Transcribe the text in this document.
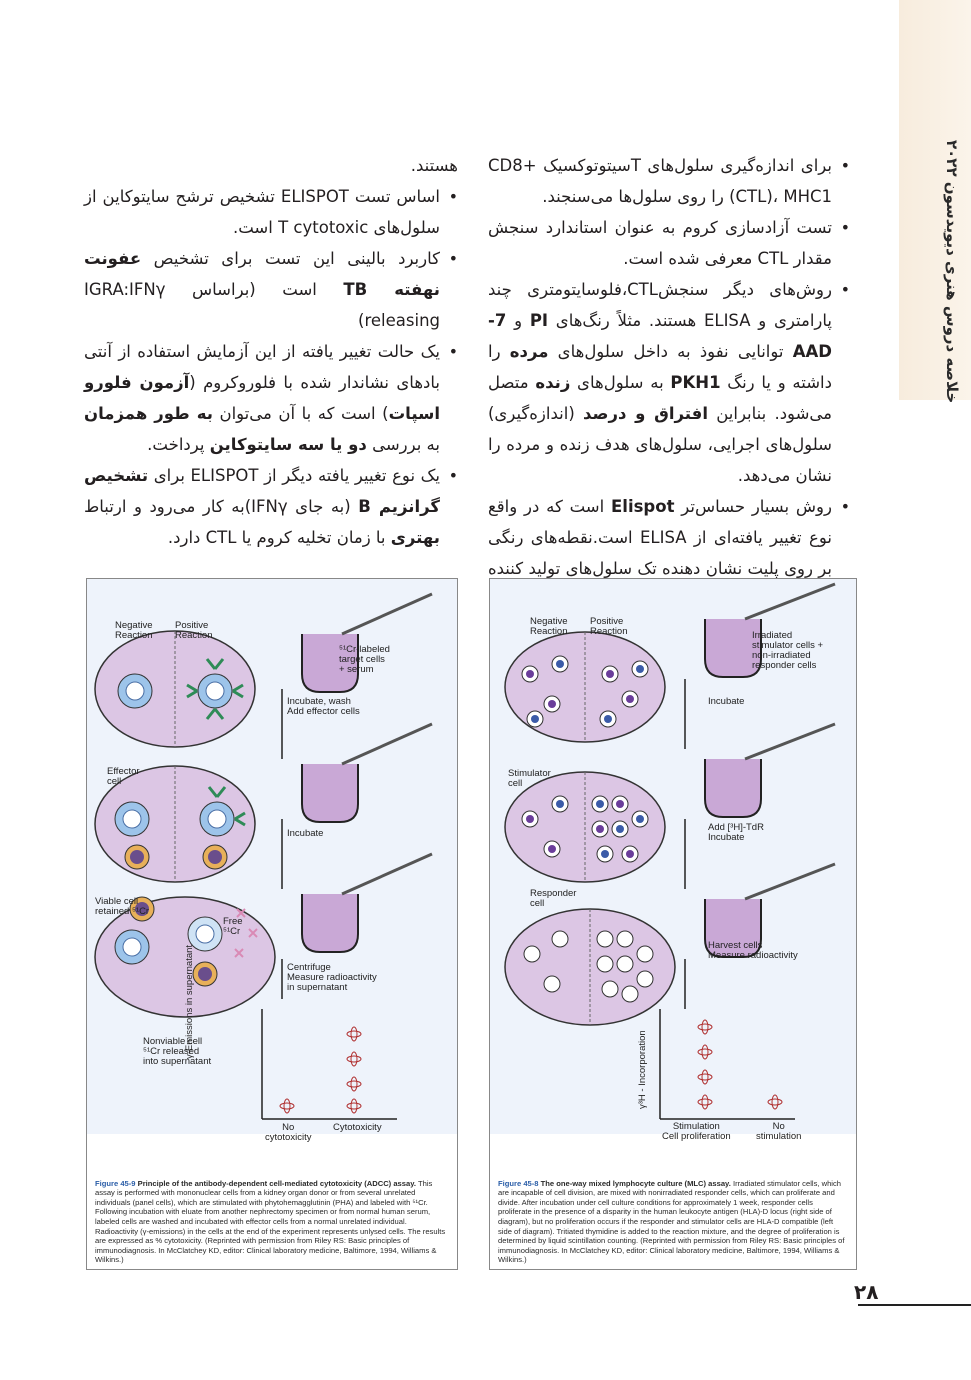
خلاصه دروس هنری دیویدسون ۲۰۲۲
• برای اندازه‌گیری سلول‌های Tسیتوتوکسیک +CD8 (CTL)، MHC1 را روی سلول‌ها می‌سنجند.
• تست آزادسازی کروم به عنوان استاندارد سنجش مقدار CTL معرفی شده است.
• روش‌های دیگر سنجشCTL،فلوسایتومتری چند پارامتری و ELISA هستند. مثلاً رنگ‌های PI و 7-AAD توانایی نفوذ به داخل سلول‌های مرده را داشته و یا رنگ PKH1 به سلول‌های زنده متصل می‌شود. بنابراین افتراق و درصد (اندازه‌گیری) سلول‌های اجرایی، سلول‌های هدف زنده و مرده را نشان می‌دهد.
• روش بسیار حساس‌تر Elispot است که در واقع نوع تغییر یافته‌ای از ELISA است.نقطه‌های رنگی بر روی پلیت نشان دهنده تک سلول‌های تولید کننده
هستند.
• اساس تست ELISPOT تشخیص ترشح سایتوکاین از سلول‌های T cytotoxic است.
• کاربرد بالینی این تست برای تشخیص عفونت نهفته TB است (براساس IGRA:IFNγ releasing)
• یک حالت تغییر یافته از این آزمایش استفاده از آنتی بادهای نشاندار شده با فلوروکروم (آزمون فلورو اسپات) است که با آن می‌توان به طور همزمان به بررسی دو یا سه سایتوکاین پرداخت.
• یک نوع تغییر یافته دیگر از ELISPOT برای تشخیص گرانزیم B (به جای IFNγ)به کار می‌رود و ارتباط بهتری با زمان تخلیه کروم یا CTL دارد.
Negative
Reaction
Positive
Reaction
⁵¹Cr-labeled
target cells
+ serum
Incubate, wash
Add effector cells
Effector
cell
Incubate
Viable cell
retained ⁵¹Cr
Free
⁵¹Cr
Centrifuge
Measure radioactivity
in supernatant
Nonviable cell
⁵¹Cr released
into supernatant
γ-Emissions in supernatant
No
cytotoxicity
Cytotoxicity
Figure 45-9 Principle of the antibody-dependent cell-mediated cytotoxicity (ADCC) assay. This assay is performed with mononuclear cells from a kidney organ donor or from several unrelated individuals (panel cells), which are stimulated with phytohemagglutinin (PHA) and labeled with ⁵¹Cr. Following incubation with eluate from another nephrectomy specimen or from normal human serum, labeled cells are washed and incubated with effector cells from a normal unrelated individual. Radioactivity (γ-emissions) in the cells at the end of the experiment represents unlysed cells. The results are expressed as % cytotoxicity. (Reprinted with permission from Riley RS: Basic principles of immunodiagnosis. In McClatchey KD, editor: Clinical laboratory medicine, Baltimore, 1994, Williams & Wilkins.)
Negative
Reaction
Positive
Reaction	Irradiated
stimulator cells +
non-irradiated
responder cells
Incubate
Stimulator
cell
Add [³H]-TdR
Incubate
Responder
cell
Harvest cells
Measure radioactivity
γ³H - Incorporation
Stimulation
Cell proliferation
No
stimulation
Figure 45-8 The one-way mixed lymphocyte culture (MLC) assay. Irradiated stimulator cells, which are incapable of cell division, are mixed with nonirradiated responder cells, which can proliferate and divide. After incubation under cell culture conditions for approximately 1 week, responder cells proliferate in the presence of a disparity in the human leukocyte antigen (HLA)-D locus (right side of diagram), but no proliferation occurs if the responder and stimulator cells are HLA-D compatible (left side of diagram). Tritiated thymidine is added to the reaction mixture, and the degree of proliferation is determined by liquid scintillation counting. (Reprinted with permission from Riley RS: Basic principles of immunodiagnosis. In McClatchey KD, editor: Clinical laboratory medicine, Baltimore, 1994, Williams & Wilkins.)
۲۸
